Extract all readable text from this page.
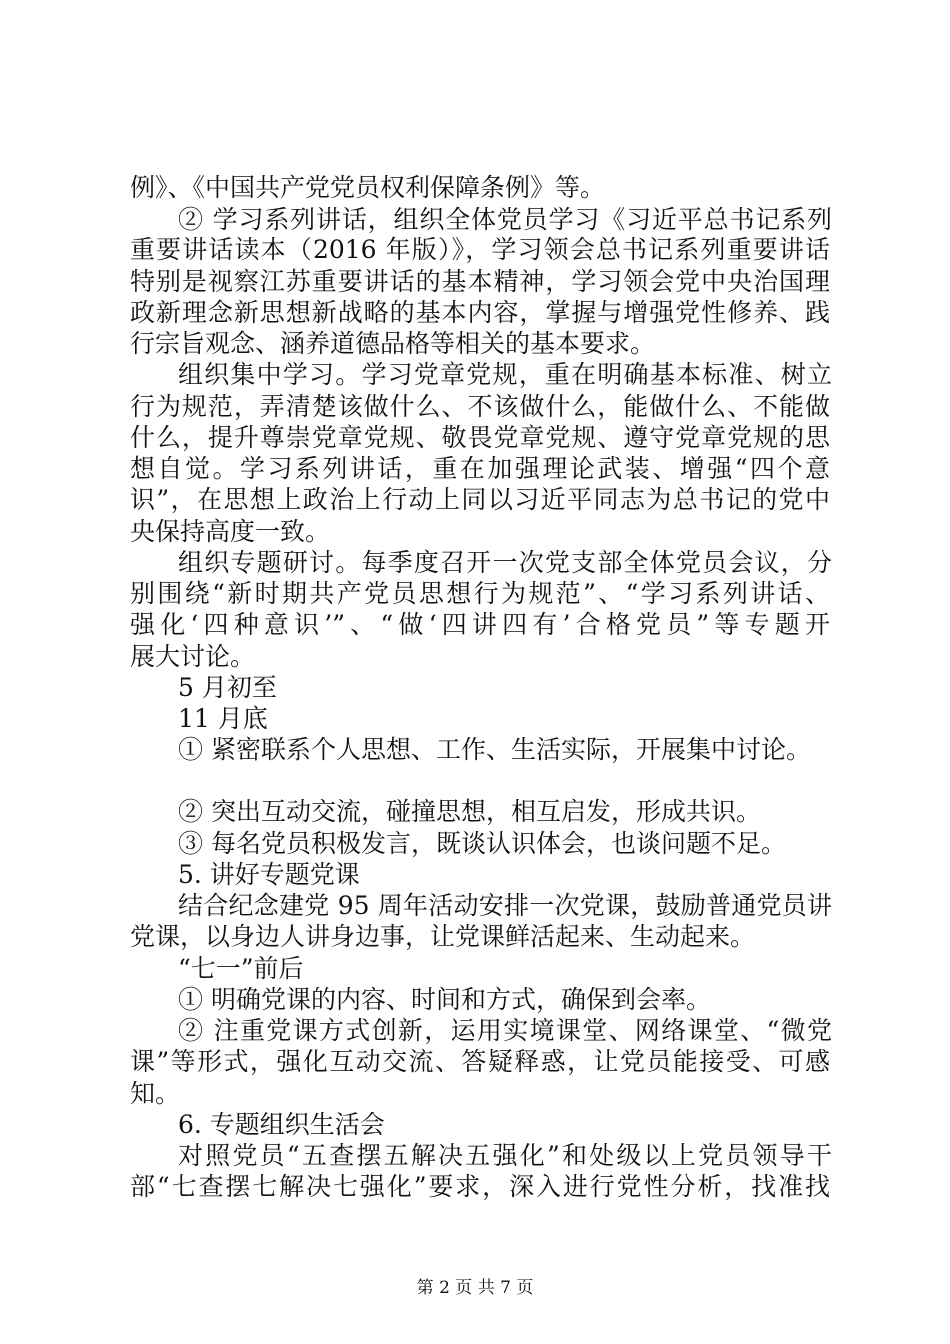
例》、《中国共产党党员权利保障条例》等。
② 学习系列讲话，组织全体党员学习《习近平总书记系列
重要讲话读本（2016 年版）》，学习领会总书记系列重要讲话
特别是视察江苏重要讲话的基本精神，学习领会党中央治国理
政新理念新思想新战略的基本内容，掌握与增强党性修养、践
行宗旨观念、涵养道德品格等相关的基本要求。
组织集中学习。学习党章党规，重在明确基本标准、树立
行为规范，弄清楚该做什么、不该做什么，能做什么、不能做
什么，提升尊崇党章党规、敬畏党章党规、遵守党章党规的思
想自觉。学习系列讲话，重在加强理论武装、增强“四个意
识”，在思想上政治上行动上同以习近平同志为总书记的党中
央保持高度一致。
组织专题研讨。每季度召开一次党支部全体党员会议，分
别围绕“新时期共产党员思想行为规范”、“学习系列讲话、
强化‘四种意识’”、“做‘四讲四有’合格党员”等专题开
展大讨论。
5 月初至
11 月底
① 紧密联系个人思想、工作、生活实际，开展集中讨论。
② 突出互动交流，碰撞思想，相互启发，形成共识。
③ 每名党员积极发言，既谈认识体会，也谈问题不足。
5. 讲好专题党课
结合纪念建党 95 周年活动安排一次党课，鼓励普通党员讲
党课，以身边人讲身边事，让党课鲜活起来、生动起来。
“七一”前后
① 明确党课的内容、时间和方式，确保到会率。
② 注重党课方式创新，运用实境课堂、网络课堂、“微党
课”等形式，强化互动交流、答疑释惑，让党员能接受、可感
知。
6. 专题组织生活会
对照党员“五查摆五解决五强化”和处级以上党员领导干
部“七查摆七解决七强化”要求，深入进行党性分析，找准找
第 2 页 共 7 页
